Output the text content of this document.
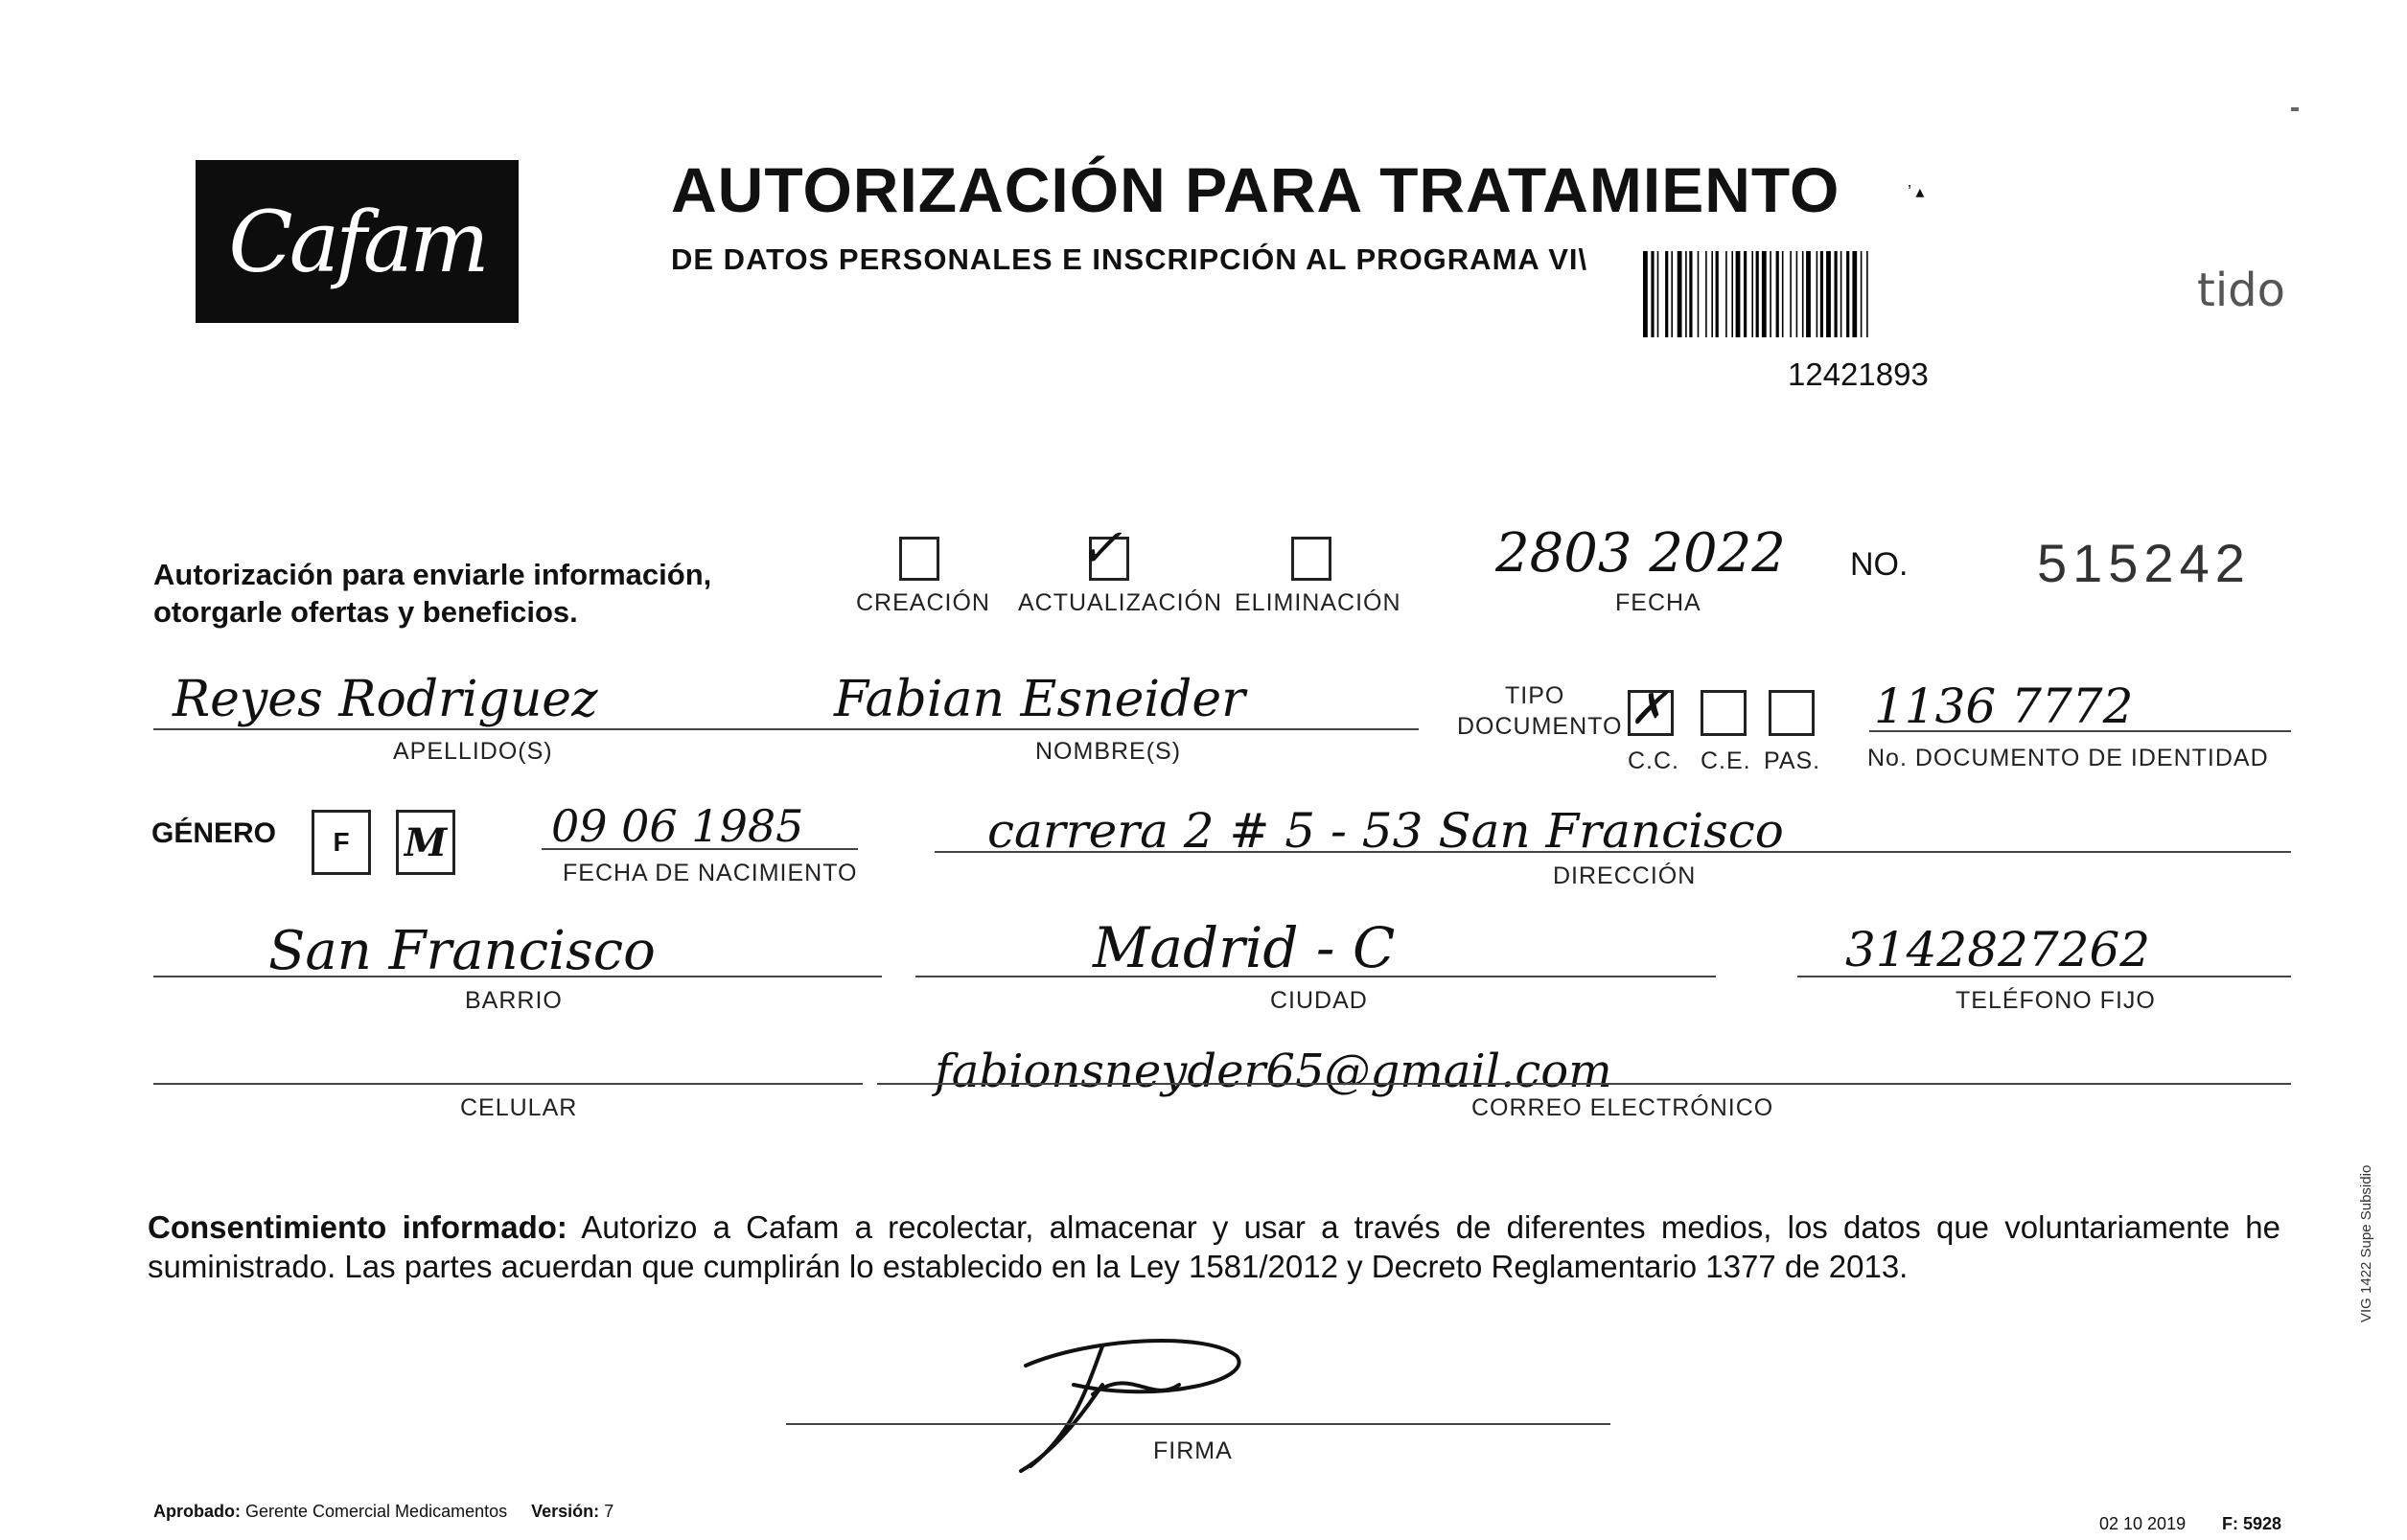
Cafam
AUTORIZACIÓN PARA TRATAMIENTO
DE DATOS PERSONALES E INSCRIPCIÓN AL PROGRAMA VI\
’ ▴
12421893
tido
Autorización para enviarle información,
otorgarle ofertas y beneficios.	CREACIÓN
✓
ACTUALIZACIÓN ELIMINACIÓN
2803 2022
FECHA
NO. 515242
Reyes Rodriguez
APELLIDO(S)
Fabian Esneider
NOMBRE(S)
TIPO
DOCUMENTO ✗
C.C. C.E. PAS.
1136 7772
No. DOCUMENTO DE IDENTIDAD
GÉNERO F M 09 06 1985
FECHA DE NACIMIENTO
carrera 2 # 5 - 53 San Francisco
DIRECCIÓN
San Francisco
BARRIO
Madrid - C
CIUDAD
3142827262
TELÉFONO FIJO
CELULAR
fabionsneyder65@gmail.com
CORREO ELECTRÓNICO
Consentimiento informado: Autorizo a Cafam a recolectar, almacenar y usar a través de diferentes medios, los datos que voluntariamente he suministrado. Las partes acuerdan que cumplirán lo establecido en la Ley 1581/2012 y Decreto Reglamentario 1377 de 2013.
FIRMA
Aprobado: Gerente Comercial Medicamentos Versión: 7
02 10 2019 F: 5928
VIG 1422 Supe Subsidio
